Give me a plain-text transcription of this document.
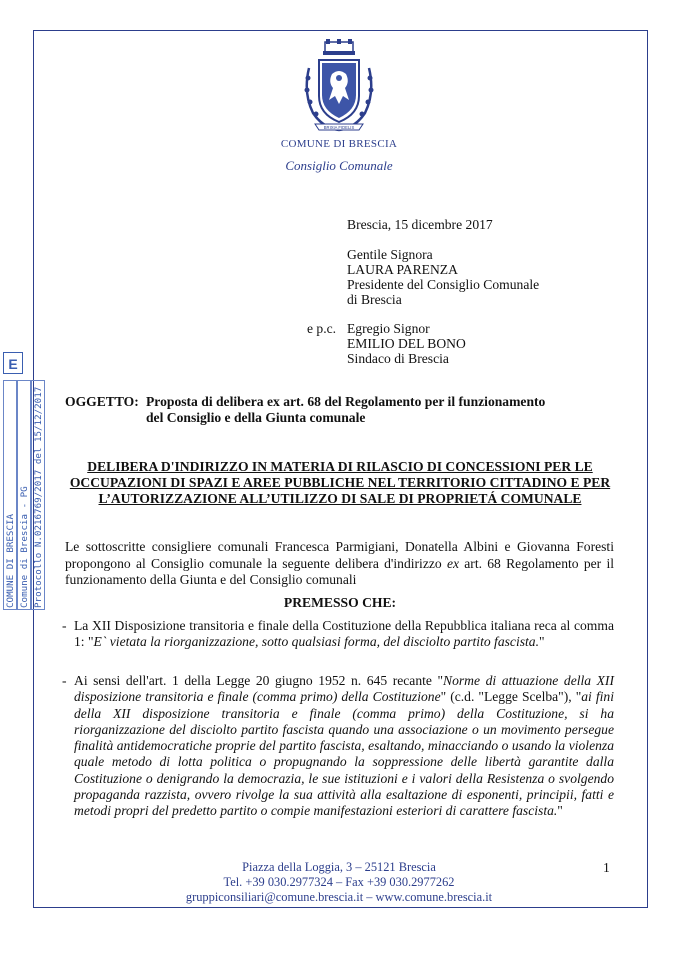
BRIXIA FIDELIS
COMUNE DI BRESCIA
Consiglio Comunale
Brescia, 15 dicembre 2017
Gentile Signora
LAURA PARENZA
Presidente del Consiglio Comunale
di Brescia
e p.c. Egregio Signor
EMILIO DEL BONO
Sindaco di Brescia
OGGETTO: Proposta di delibera ex art. 68 del Regolamento per il funzionamento
del Consiglio e della Giunta comunale
DELIBERA D'INDIRIZZO IN MATERIA DI RILASCIO DI CONCESSIONI PER LE
OCCUPAZIONI DI SPAZI E AREE PUBBLICHE NEL TERRITORIO CITTADINO E PER
L’AUTORIZZAZIONE ALL’UTILIZZO DI SALE DI PROPRIETÁ COMUNALE
Le sottoscritte consigliere comunali Francesca Parmigiani, Donatella Albini e Giovanna Foresti propongono al Consiglio comunale la seguente delibera d'indirizzo ex art. 68 Regolamento per il funzionamento della Giunta e del Consiglio comunali
PREMESSO CHE:
- La XII Disposizione transitoria e finale della Costituzione della Repubblica italiana reca al comma 1: "E` vietata la riorganizzazione, sotto qualsiasi forma, del disciolto partito fascista."
- Ai sensi dell'art. 1 della Legge 20 giugno 1952 n. 645 recante "Norme di attuazione della XII disposizione transitoria e finale (comma primo) della Costituzione" (c.d. "Legge Scelba"), "ai fini della XII disposizione transitoria e finale (comma primo) della Costituzione, si ha riorganizzazione del disciolto partito fascista quando una associazione o un movimento persegue finalità antidemocratiche proprie del partito fascista, esaltando, minacciando o usando la violenza quale metodo di lotta politica o propugnando la soppressione delle libertà garantite dalla Costituzione o denigrando la democrazia, le sue istituzioni e i valori della Resistenza o svolgendo propaganda razzista, ovvero rivolge la sua attività alla esaltazione di esponenti, principii, fatti e metodi propri del predetto partito o compie manifestazioni esteriori di carattere fascista."
E
COMUNE DI BRESCIA Comune di Brescia - PG Protocollo N.0216769/2017 del 15/12/2017
Piazza della Loggia, 3 – 25121 Brescia
Tel. +39 030.2977324 – Fax +39 030.2977262
gruppiconsiliari@comune.brescia.it – www.comune.brescia.it
1
